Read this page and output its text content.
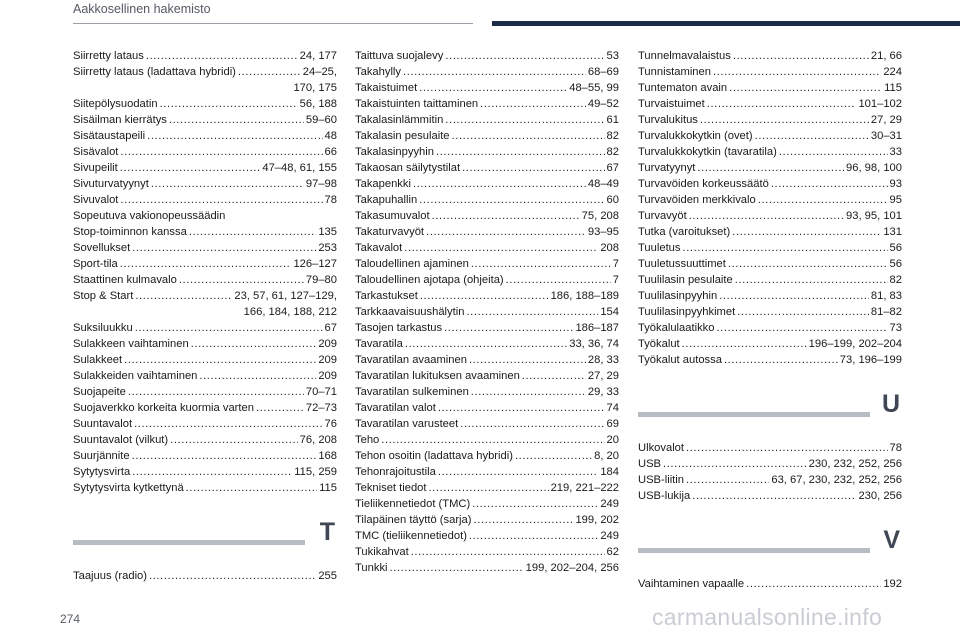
Aakkosellinen hakemisto
Siirretty lataus .....	24, 177
Siirretty lataus (ladattava hybridi) .....	24–25,
170, 175
Siitepölysuodatin .....	56, 188
Sisäilman kierrätys .....	59–60
Sisätaustapeili .....	48
Sisävalot .....	66
Sivupeilit .....	47–48, 61, 155
Sivuturvatyynyt .....	97–98
Sivuvalot .....	78
Sopeutuva vakionopeussäädin
Stop-toiminnon kanssa .....	135
Sovellukset .....	253
Sport-tila .....	126–127
Staattinen kulmavalo .....	79–80
Stop & Start .....	23, 57, 61, 127–129,
166, 184, 188, 212
Suksiluukku .....	67
Sulakkeen vaihtaminen .....	209
Sulakkeet .....	209
Sulakkeiden vaihtaminen .....	209
Suojapeite .....	70–71
Suojaverkko korkeita kuormia varten .....	72–73
Suuntavalot .....	76
Suuntavalot (vilkut) .....	76, 208
Suurjännite .....	168
Sytytysvirta .....	115, 259
Sytytysvirta kytkettynä .....	115
T
Taajuus (radio) .....	255
Taittuva suojalevy .....	53
Takahylly .....	68–69
Takaistuimet .....	48–55, 99
Takaistuinten taittaminen .....	49–52
Takalasinlämmitin .....	61
Takalasin pesulaite .....	82
Takalasinpyyhin .....	82
Takaosan säilytystilat .....	67
Takapenkki .....	48–49
Takapuhallin .....	60
Takasumuvalot .....	75, 208
Takaturvavyöt .....	93–95
Takavalot .....	208
Taloudellinen ajaminen .....	7
Taloudellinen ajotapa (ohjeita) .....	7
Tarkastukset .....	186, 188–189
Tarkkaavaisuushälytin .....	154
Tasojen tarkastus .....	186–187
Tavaratila .....	33, 36, 74
Tavaratilan avaaminen .....	28, 33
Tavaratilan lukituksen avaaminen .....	27, 29
Tavaratilan sulkeminen .....	29, 33
Tavaratilan valot .....	74
Tavaratilan varusteet .....	69
Teho .....	20
Tehon osoitin (ladattava hybridi) .....	8, 20
Tehonrajoitustila .....	184
Tekniset tiedot .....	219, 221–222
Tieliikennetiedot (TMC) .....	249
Tilapäinen täyttö (sarja) .....	199, 202
TMC (tieliikennetiedot) .....	249
Tukikahvat .....	62
Tunkki .....	199, 202–204, 256
Tunnelmavalaistus .....	21, 66
Tunnistaminen .....	224
Tuntematon avain .....	115
Turvaistuimet .....	101–102
Turvalukitus .....	27, 29
Turvalukkokytkin (ovet) .....	30–31
Turvalukkokytkin (tavaratila) .....	33
Turvatyynyt .....	96, 98, 100
Turvavöiden korkeussäätö .....	93
Turvavöiden merkkivalo .....	95
Turvavyöt .....	93, 95, 101
Tutka (varoitukset) .....	131
Tuuletus .....	56
Tuuletussuuttimet .....	56
Tuulilasin pesulaite .....	82
Tuulilasinpyyhin .....	81, 83
Tuulilasinpyyhkimet .....	81–82
Työkalulaatikko .....	73
Työkalut .....	196–199, 202–204
Työkalut autossa .....	73, 196–199
U
Ulkovalot .....	78
USB .....	230, 232, 252, 256
USB-liitin .....	63, 67, 230, 232, 252, 256
USB-lukija .....	230, 256
V
Vaihtaminen vapaalle .....	192
274	carmanualsonline.info
